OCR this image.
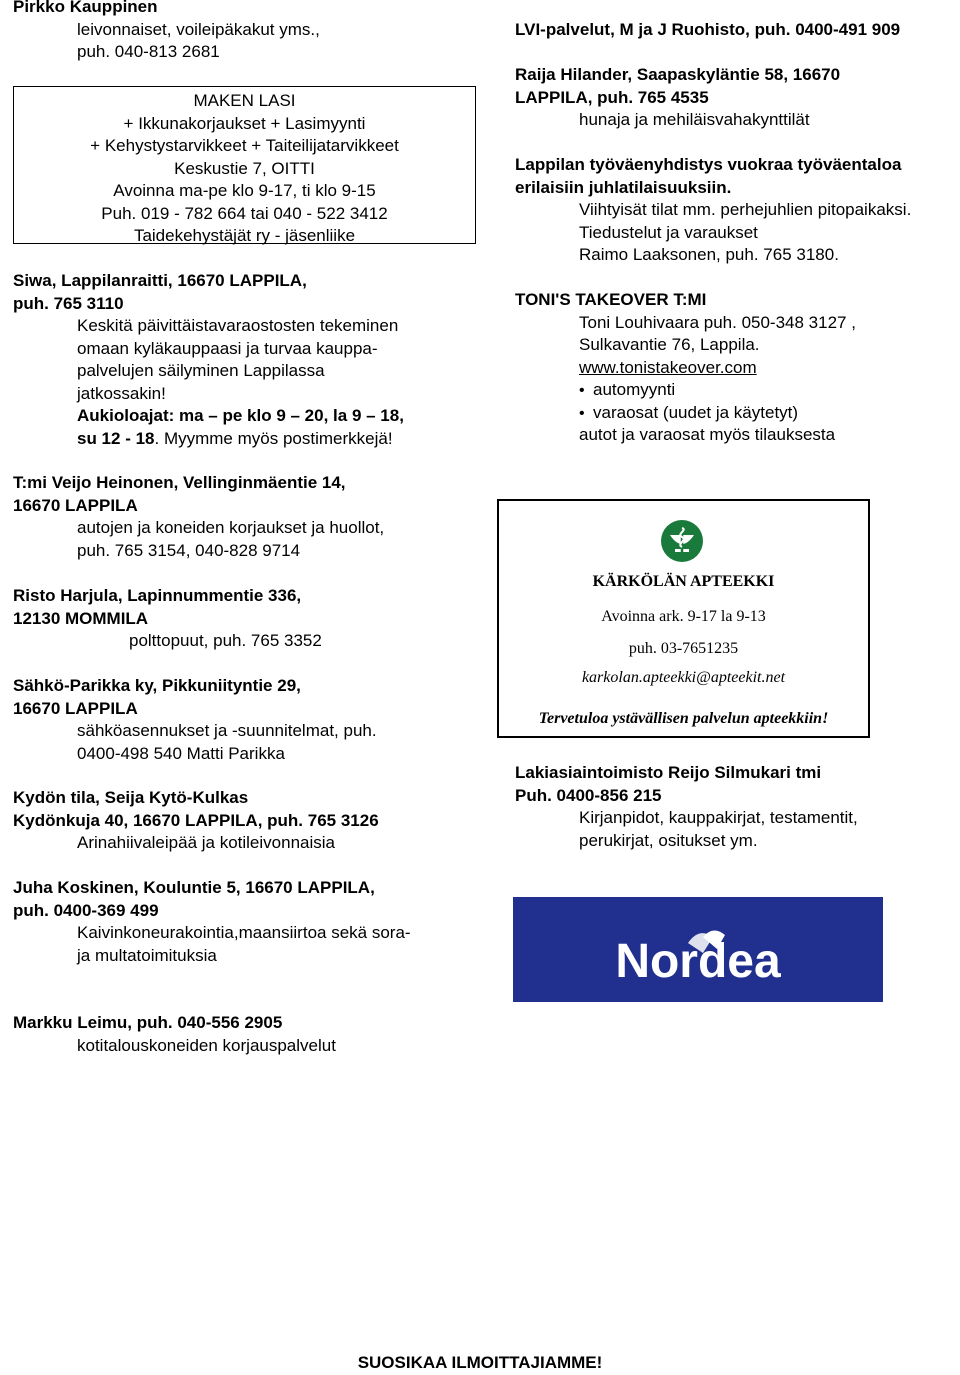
Pirkko Kauppinen
leivonnaiset, voileipäkakut yms.,
puh. 040-813 2681
MAKEN LASI
+ Ikkunakorjaukset + Lasimyynti
+ Kehystystarvikkeet + Taiteilijatarvikkeet
Keskustie 7, OITTI
Avoinna ma-pe klo 9-17, ti klo 9-15
Puh. 019 - 782 664 tai 040 - 522 3412
Taidekehystäjät ry - jäsenliike
Siwa, Lappilanraitti, 16670 LAPPILA,
puh. 765 3110
Keskitä päivittäistavaraostosten tekeminen
omaan kyläkauppaasi ja turvaa kauppa-
palvelujen säilyminen Lappilassa
jatkossakin!
Aukioloajat: ma – pe klo 9 – 20, la 9 – 18,
su 12 - 18. Myymme myös postimerkkejä!
T:mi Veijo Heinonen, Vellinginmäentie 14,
16670 LAPPILA
autojen ja koneiden korjaukset ja huollot,
puh. 765 3154, 040-828 9714
Risto Harjula, Lapinnummentie 336,
12130 MOMMILA
polttopuut, puh. 765 3352
Sähkö-Parikka ky, Pikkuniityntie 29,
16670 LAPPILA
sähköasennukset ja -suunnitelmat, puh.
0400-498 540 Matti Parikka
Kydön tila, Seija Kytö-Kulkas
Kydönkuja 40, 16670 LAPPILA, puh. 765 3126
Arinahiivaleipää ja kotileivonnaisia
Juha Koskinen, Kouluntie 5, 16670 LAPPILA,
puh. 0400-369 499
Kaivinkoneurakointia,maansiirtoa sekä sora-
ja multatoimituksia
Markku Leimu, puh. 040-556 2905
kotitalouskoneiden korjauspalvelut
LVI-palvelut, M ja J Ruohisto, puh. 0400-491 909
Raija Hilander, Saapaskyläntie 58, 16670
LAPPILA, puh. 765 4535
hunaja ja mehiläisvahakynttilät
Lappilan työväenyhdistys vuokraa työväentaloa
erilaisiin juhlatilaisuuksiin.
Viihtyisät tilat mm. perhejuhlien pitopaikaksi.
Tiedustelut ja varaukset
Raimo Laaksonen, puh. 765 3180.
TONI'S TAKEOVER T:MI
Toni Louhivaara puh. 050-348 3127 ,
Sulkavantie 76, Lappila.
www.tonistakeover.com
• automyynti
• varaosat (uudet ja käytetyt)
autot ja varaosat myös tilauksesta
KÄRKÖLÄN APTEEKKI
Avoinna ark. 9-17 la 9-13
puh. 03-7651235
karkolan.apteekki@apteekit.net
Tervetuloa ystävällisen palvelun apteekkiin!
Lakiasiaintoimisto Reijo Silmukari tmi
Puh. 0400-856 215
Kirjanpidot, kauppakirjat, testamentit,
perukirjat, ositukset ym.
Nordea
SUOSIKAA ILMOITTAJIAMME!
